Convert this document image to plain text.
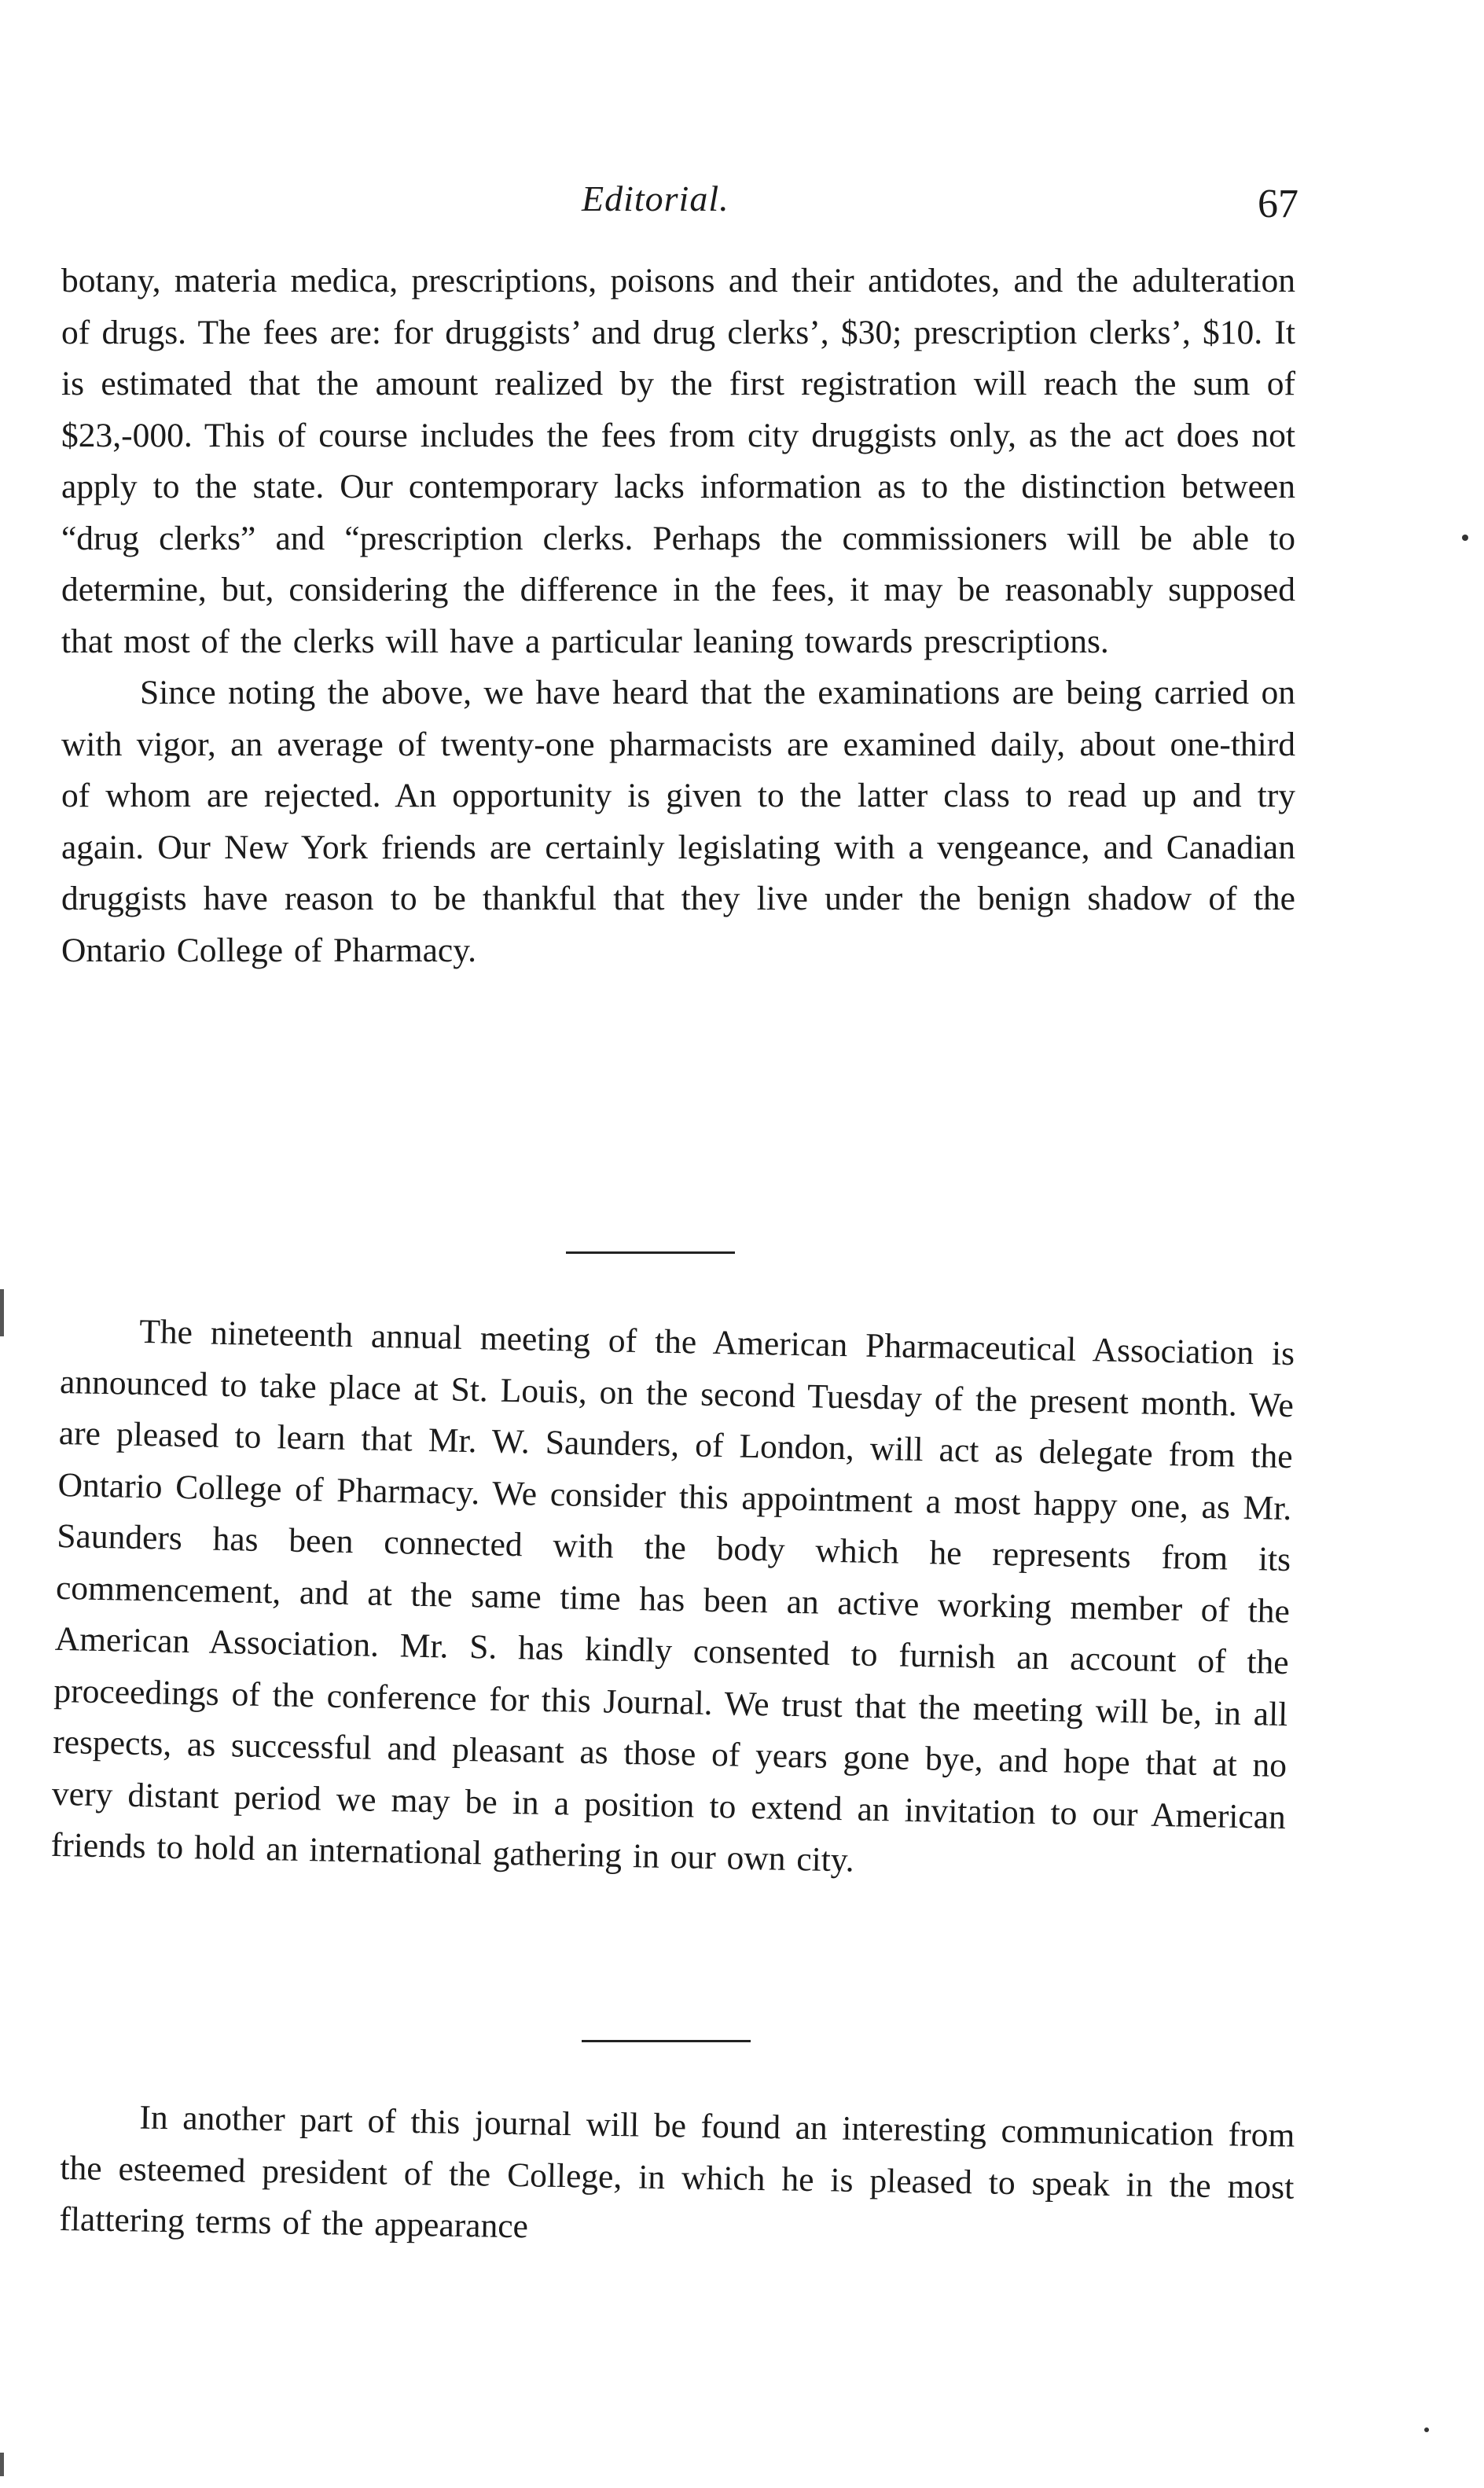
Editorial.	67

botany, materia medica, prescriptions, poisons and their antidotes, and the adulteration of drugs. The fees are: for druggists’ and drug clerks’, $30; prescription clerks’, $10. It is estimated that the amount realized by the first registration will reach the sum of $23,-000. This of course includes the fees from city druggists only, as the act does not apply to the state. Our contemporary lacks information as to the distinction between “drug clerks” and “prescription clerks. Perhaps the commissioners will be able to determine, but, considering the difference in the fees, it may be reasonably supposed that most of the clerks will have a particular leaning towards prescriptions.

Since noting the above, we have heard that the examinations are being carried on with vigor, an average of twenty-one pharmacists are examined daily, about one-third of whom are rejected. An opportunity is given to the latter class to read up and try again. Our New York friends are certainly legislating with a vengeance, and Canadian druggists have reason to be thankful that they live under the benign shadow of the Ontario College of Pharmacy.

The nineteenth annual meeting of the American Pharmaceutical Association is announced to take place at St. Louis, on the second Tuesday of the present month. We are pleased to learn that Mr. W. Saunders, of London, will act as delegate from the Ontario College of Pharmacy. We consider this appointment a most happy one, as Mr. Saunders has been connected with the body which he represents from its commencement, and at the same time has been an active working member of the American Association. Mr. S. has kindly consented to furnish an account of the proceedings of the conference for this Journal. We trust that the meeting will be, in all respects, as successful and pleasant as those of years gone bye, and hope that at no very distant period we may be in a position to extend an invitation to our American friends to hold an international gathering in our own city.

In another part of this journal will be found an interesting communication from the esteemed president of the College, in which he is pleased to speak in the most flattering terms of the appearance
